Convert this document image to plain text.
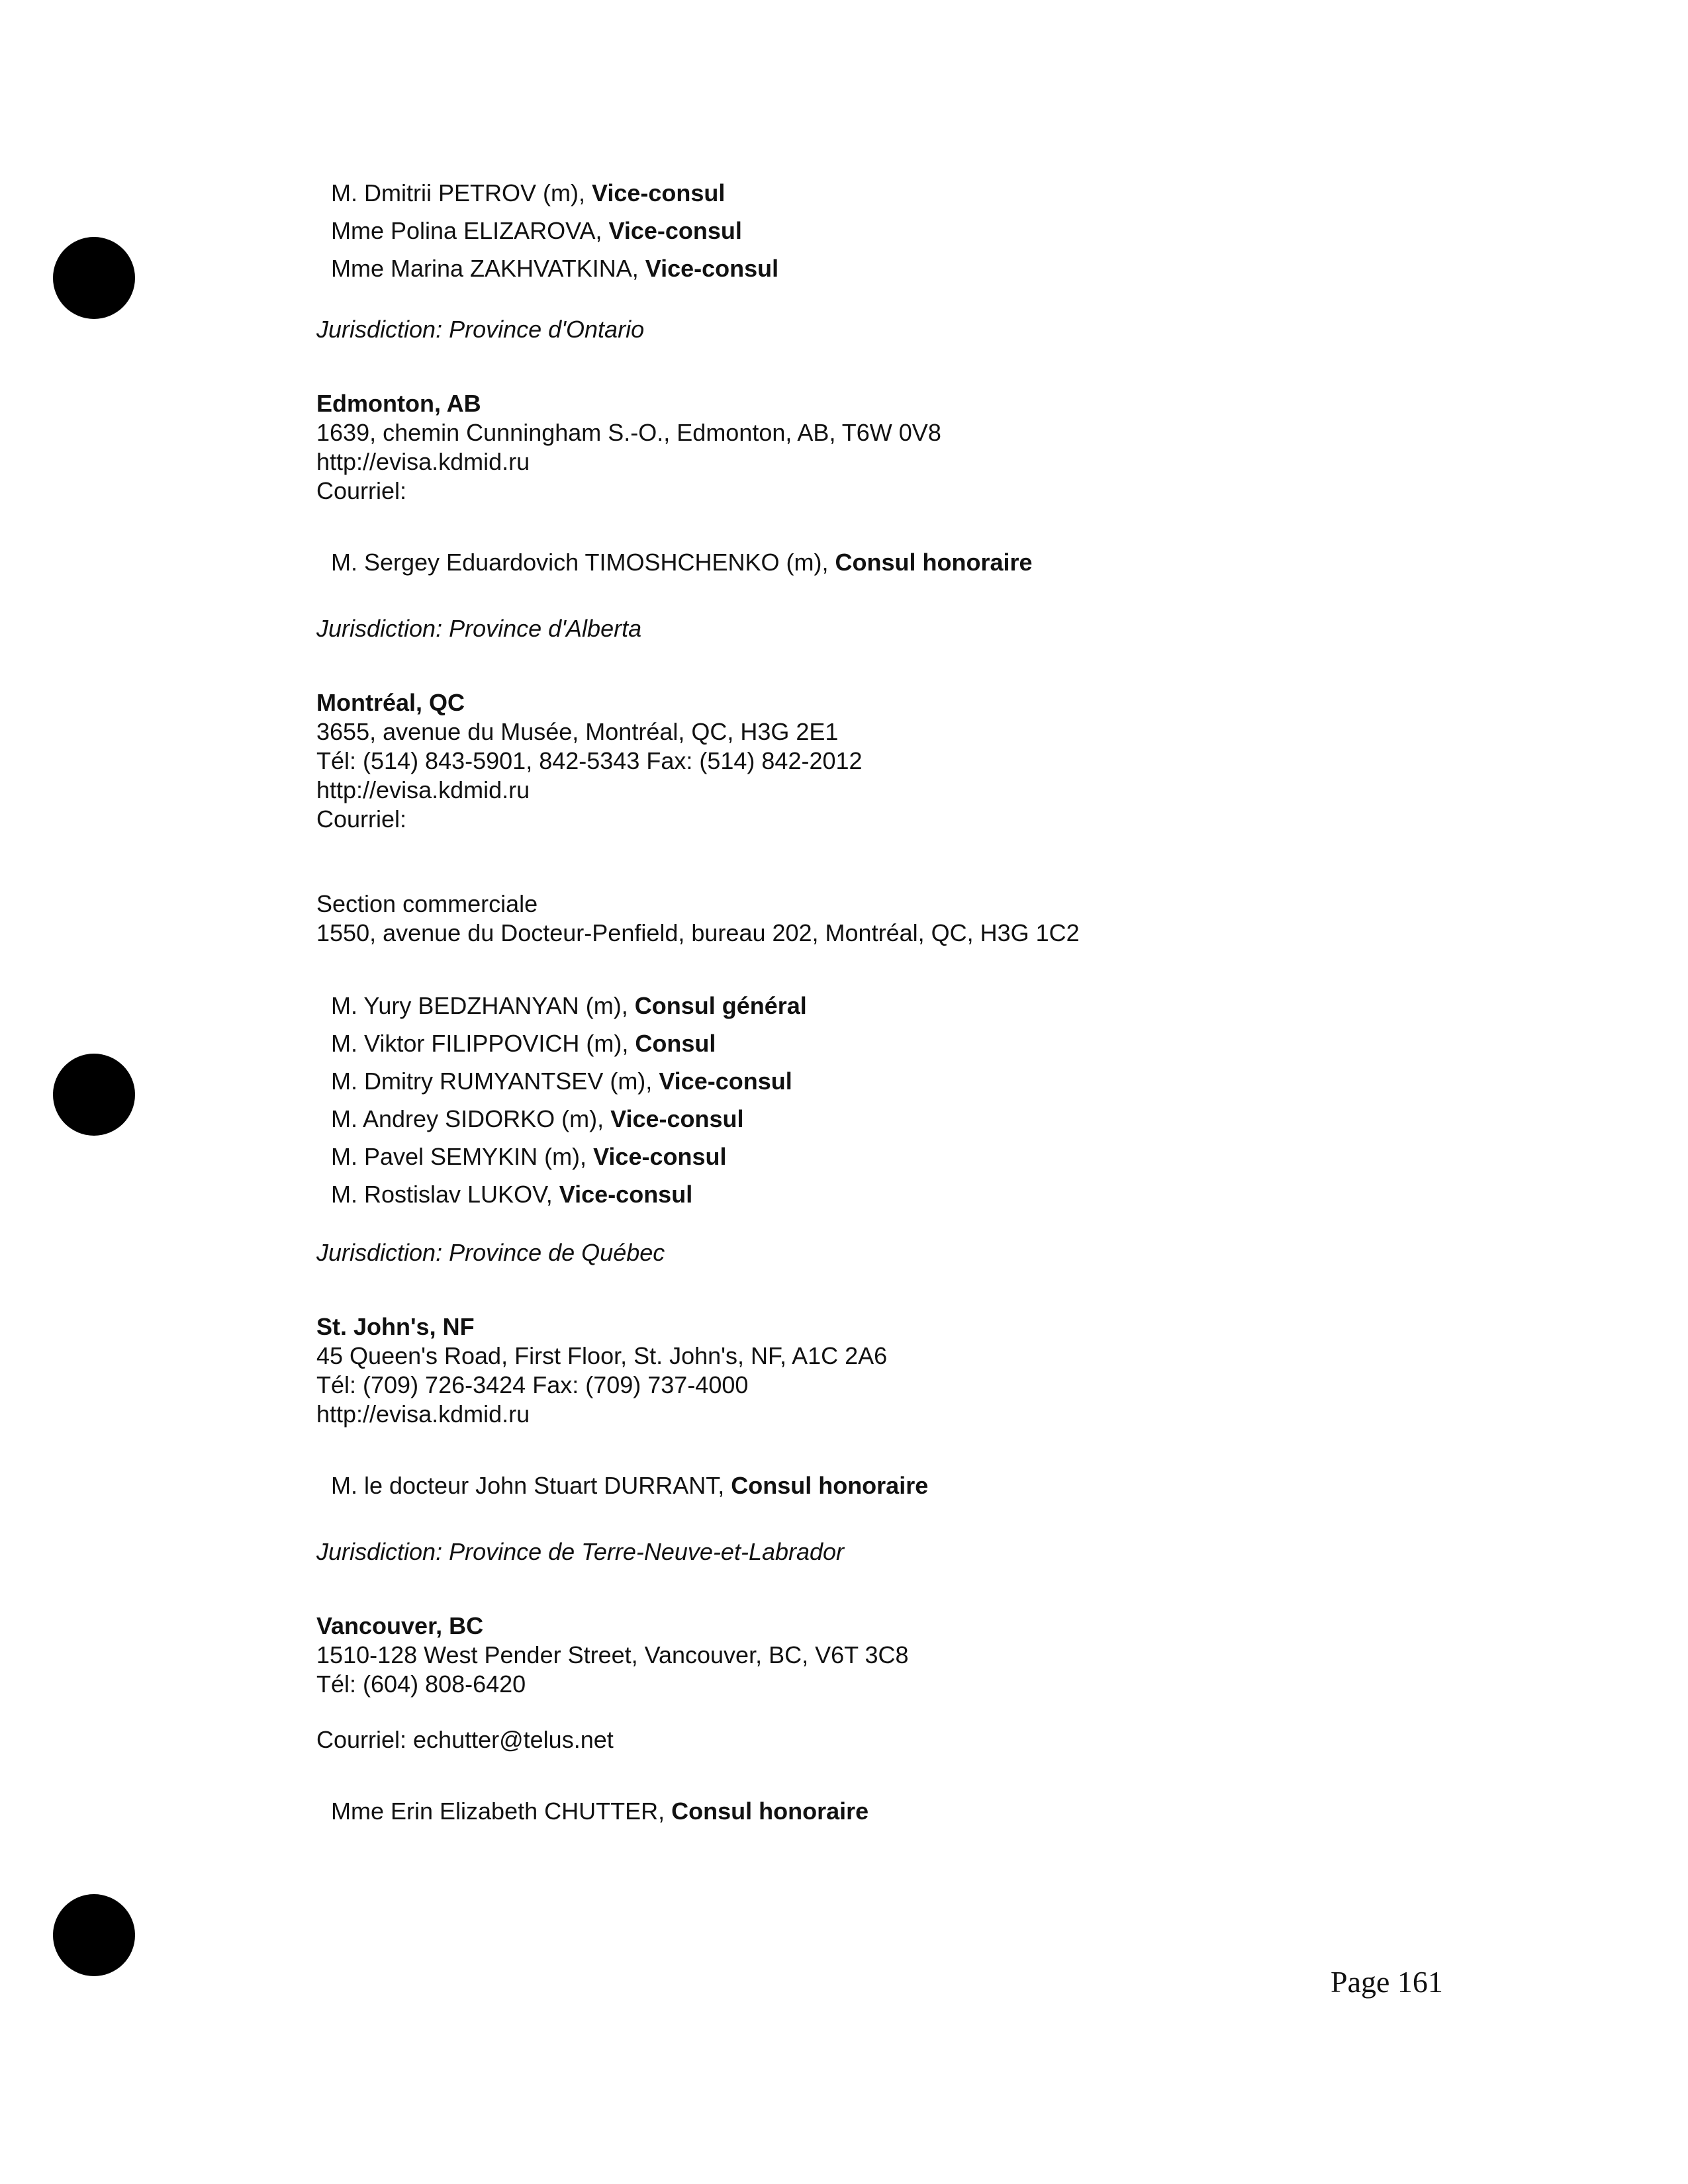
M. Dmitrii PETROV (m), Vice-consul
Mme Polina ELIZAROVA, Vice-consul
Mme Marina ZAKHVATKINA, Vice-consul
Jurisdiction: Province d'Ontario
Edmonton, AB
1639, chemin Cunningham S.-O., Edmonton, AB, T6W 0V8
http://evisa.kdmid.ru
Courriel:
M. Sergey Eduardovich TIMOSHCHENKO (m), Consul honoraire
Jurisdiction: Province d'Alberta
Montréal, QC
3655, avenue du Musée, Montréal, QC, H3G 2E1
Tél: (514) 843-5901, 842-5343 Fax: (514) 842-2012
http://evisa.kdmid.ru
Courriel:
Section commerciale
1550, avenue du Docteur-Penfield, bureau 202, Montréal, QC, H3G 1C2
M. Yury BEDZHANYAN (m), Consul général
M. Viktor FILIPPOVICH (m), Consul
M. Dmitry RUMYANTSEV (m), Vice-consul
M. Andrey SIDORKO (m), Vice-consul
M. Pavel SEMYKIN (m), Vice-consul
M. Rostislav LUKOV, Vice-consul
Jurisdiction: Province de Québec
St. John's, NF
45 Queen's Road, First Floor, St. John's, NF, A1C 2A6
Tél: (709) 726-3424 Fax: (709) 737-4000
http://evisa.kdmid.ru
M. le docteur John Stuart DURRANT, Consul honoraire
Jurisdiction: Province de Terre-Neuve-et-Labrador
Vancouver, BC
1510-128 West Pender Street, Vancouver, BC, V6T 3C8
Tél: (604) 808-6420
Courriel: echutter@telus.net
Mme Erin Elizabeth CHUTTER, Consul honoraire
Page 161
